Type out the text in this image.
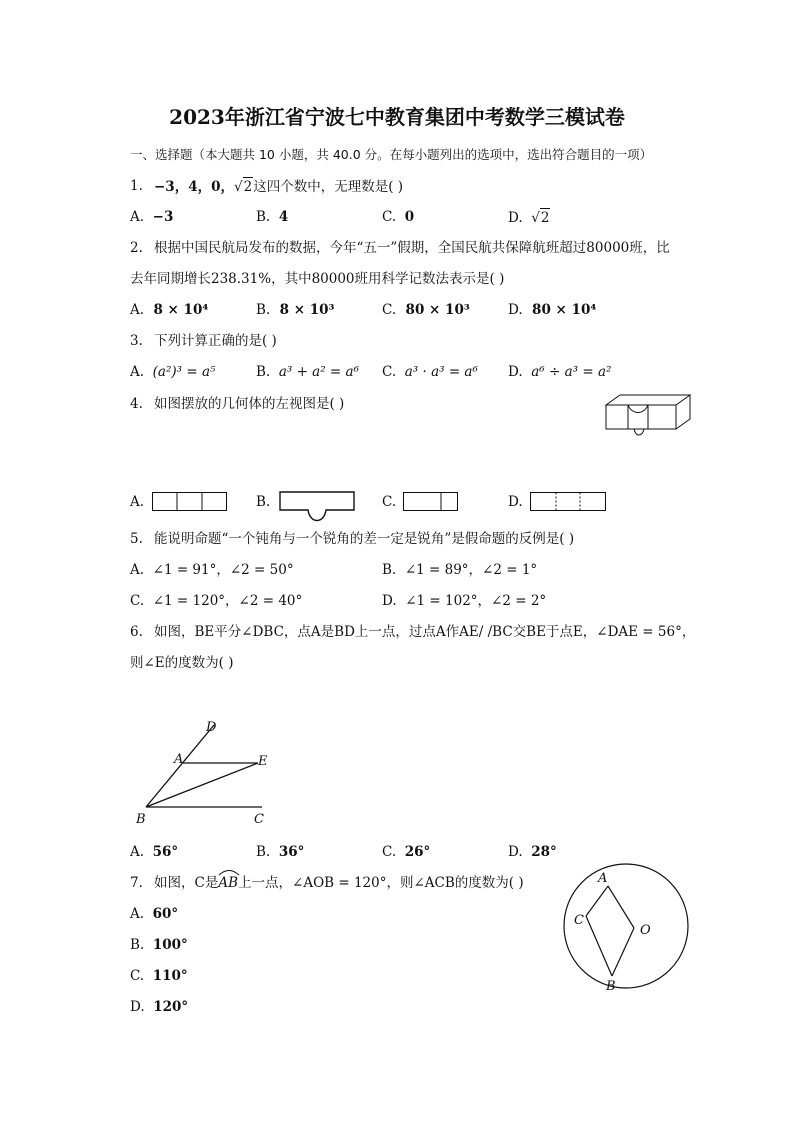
2023年浙江省宁波七中教育集团中考数学三模试卷
一、选择题（本大题共 10 小题，共 40.0 分。在每小题列出的选项中，选出符合题目的一项）
1. −3，4，0，√2这四个数中，无理数是( )
A. −3	B. 4	C. 0	D. √2
2. 根据中国民航局发布的数据，今年“五一”假期，全国民航共保障航班超过80000班，比
去年同期增长238.31%，其中80000班用科学记数法表示是( )
A. 8 × 10⁴	B. 8 × 10³	C. 80 × 10³	D. 80 × 10⁴
3. 下列计算正确的是( )
A. (a²)³ = a⁵	B. a³ + a² = a⁶ C. a³ · a³ = a⁶ D. a⁶ ÷ a³ = a²
4. 如图摆放的几何体的左视图是( )
A.	B.	C.	D.
5. 能说明命题“一个钝角与一个锐角的差一定是锐角”是假命题的反例是( )
A. ∠1 = 91°，∠2 = 50°	B. ∠1 = 89°，∠2 = 1°
C. ∠1 = 120°，∠2 = 40°	D. ∠1 = 102°，∠2 = 2°
6. 如图，BE平分∠DBC，点A是BD上一点，过点A作AE/ /BC交BE于点E，∠DAE = 56°，
则∠E的度数为( )
D
A	E
B	C
A. 56°	B. 36°	C. 26°	D. 28°
7. 如图，C是
AB上一点，∠AOB = 120°，则∠ACB的度数为( )
A. 60°
B. 100°
C. 110°
D. 120°
A
C
O
B
